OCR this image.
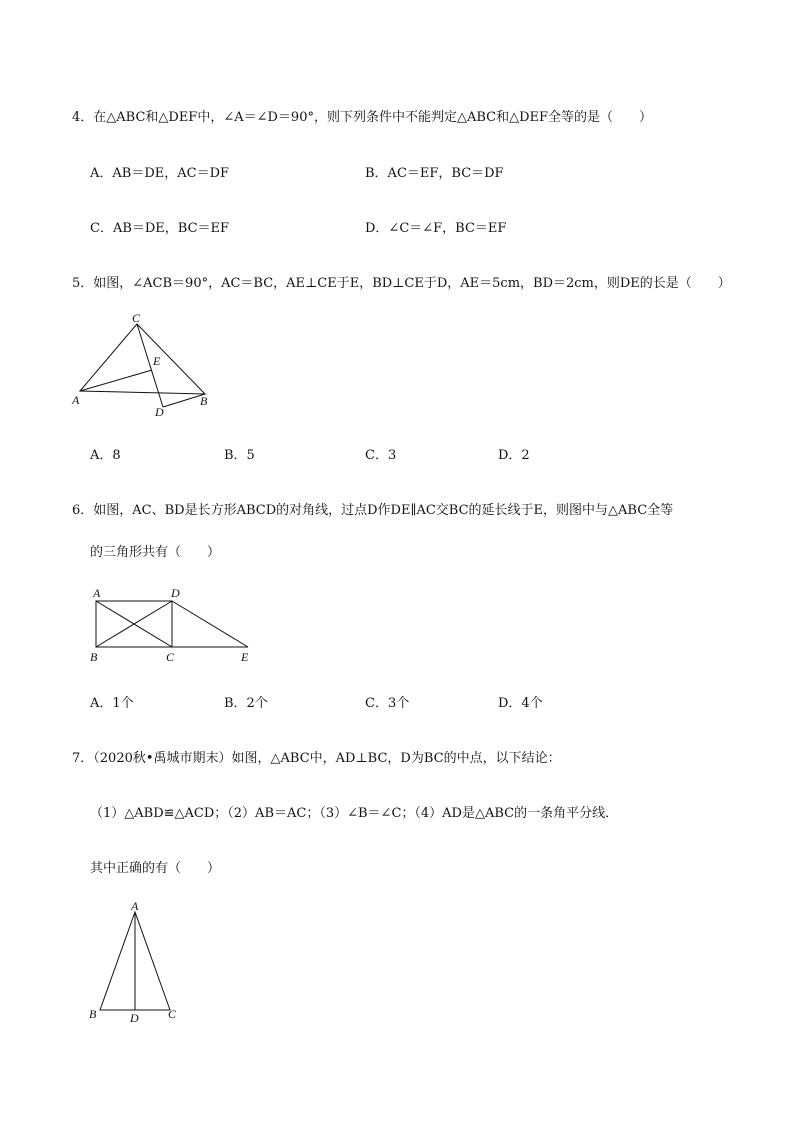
4．在△ABC和△DEF中，∠A＝∠D＝90°，则下列条件中不能判定△ABC和△DEF全等的是（　　）
A．AB＝DE，AC＝DF	B．AC＝EF，BC＝DF
C．AB＝DE，BC＝EF	D．∠C＝∠F，BC＝EF
5．如图，∠ACB＝90°，AC＝BC，AE⊥CE于E，BD⊥CE于D，AE＝5cm，BD＝2cm，则DE的长是（　　）
C
E
A	B
D
A．8	B．5	C．3	D．2
6．如图，AC、BD是长方形ABCD的对角线，过点D作DE∥AC交BC的延长线于E，则图中与△ABC全等
的三角形共有（　　）
A	D
B	C	E
A．1个	B．2个	C．3个	D．4个
7．（2020秋•禹城市期末）如图，△ABC中，AD⊥BC，D为BC的中点，以下结论：
（1）△ABD≌△ACD；（2）AB＝AC；（3）∠B＝∠C；（4）AD是△ABC的一条角平分线．
其中正确的有（　　）
A
B	D C
